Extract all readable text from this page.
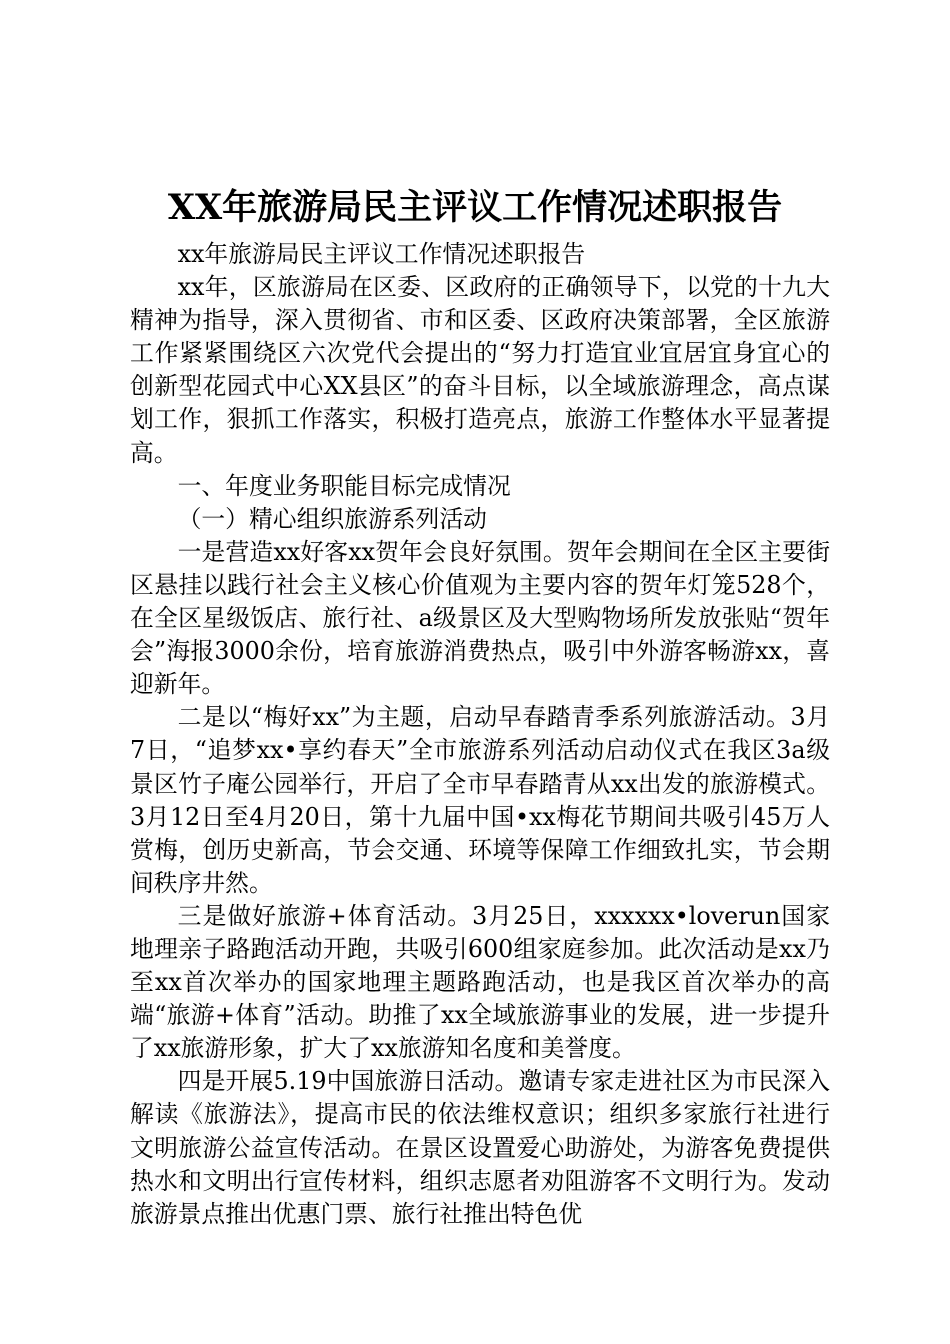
XX年旅游局民主评议工作情况述职报告

xx年旅游局民主评议工作情况述职报告

xx年，区旅游局在区委、区政府的正确领导下，以党的十九大精神为指导，深入贯彻省、市和区委、区政府决策部署，全区旅游工作紧紧围绕区六次党代会提出的“努力打造宜业宜居宜身宜心的创新型花园式中心XX县区”的奋斗目标，以全域旅游理念，高点谋划工作，狠抓工作落实，积极打造亮点，旅游工作整体水平显著提高。

一、年度业务职能目标完成情况

（一）精心组织旅游系列活动

一是营造xx好客xx贺年会良好氛围。贺年会期间在全区主要街区悬挂以践行社会主义核心价值观为主要内容的贺年灯笼528个，在全区星级饭店、旅行社、a级景区及大型购物场所发放张贴“贺年会”海报3000余份，培育旅游消费热点，吸引中外游客畅游xx，喜迎新年。

二是以“梅好xx”为主题，启动早春踏青季系列旅游活动。3月7日，“追梦xx•享约春天”全市旅游系列活动启动仪式在我区3a级景区竹子庵公园举行，开启了全市早春踏青从xx出发的旅游模式。3月12日至4月20日，第十九届中国•xx梅花节期间共吸引45万人赏梅，创历史新高，节会交通、环境等保障工作细致扎实，节会期间秩序井然。

三是做好旅游+体育活动。3月25日，xxxxxx•loverun国家地理亲子路跑活动开跑，共吸引600组家庭参加。此次活动是xx乃至xx首次举办的国家地理主题路跑活动，也是我区首次举办的高端“旅游+体育”活动。助推了xx全域旅游事业的发展，进一步提升了xx旅游形象，扩大了xx旅游知名度和美誉度。

四是开展5.19中国旅游日活动。邀请专家走进社区为市民深入解读《旅游法》，提高市民的依法维权意识；组织多家旅行社进行文明旅游公益宣传活动。在景区设置爱心助游处，为游客免费提供热水和文明出行宣传材料，组织志愿者劝阻游客不文明行为。发动旅游景点推出优惠门票、旅行社推出特色优
